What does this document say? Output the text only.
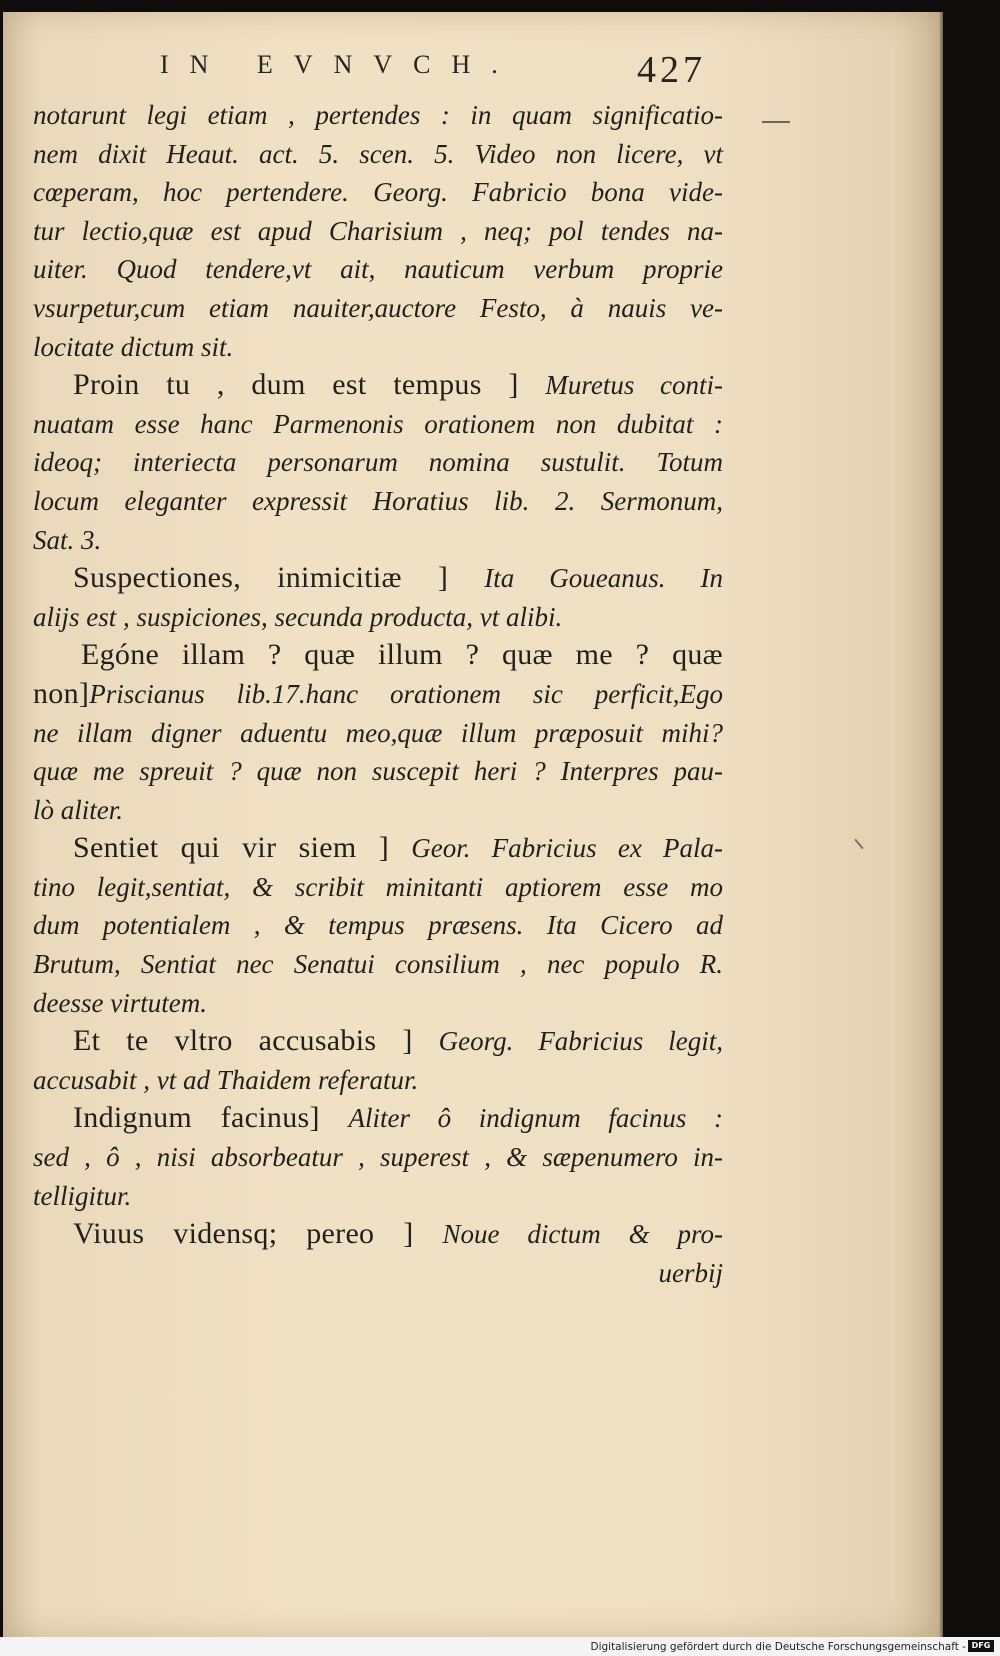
IN EVNVCH.	427
notarunt legi etiam , pertendes : in quam significatio-
nem dixit Heaut. act. 5. scen. 5. Video non licere, vt
cœperam, hoc pertendere. Georg. Fabricio bona vide-
tur lectio,quæ est apud Charisium , neq; pol tendes na-
uiter. Quod tendere,vt ait, nauticum verbum proprie
vsurpetur,cum etiam nauiter,auctore Festo, à nauis ve-
locitate dictum sit.
Proin tu , dum est tempus ] Muretus conti-
nuatam esse hanc Parmenonis orationem non dubitat :
ideoq; interiecta personarum nomina sustulit. Totum
locum eleganter expressit Horatius lib. 2. Sermonum,
Sat. 3.
Suspectiones, inimicitiæ ] Ita Goueanus. In
alijs est , suspiciones, secunda producta, vt alibi.
Egóne illam ? quæ illum ? quæ me ? quæ
non]Priscianus lib.17.hanc orationem sic perficit,Ego
ne illam digner aduentu meo,quæ illum præposuit mihi?
quæ me spreuit ? quæ non suscepit heri ? Interpres pau-
lò aliter.
Sentiet qui vir siem ] Geor. Fabricius ex Pala-
tino legit,sentiat, & scribit minitanti aptiorem esse mo
dum potentialem , & tempus præsens. Ita Cicero ad
Brutum, Sentiat nec Senatui consilium , nec populo R.
deesse virtutem.
Et te vltro accusabis ] Georg. Fabricius legit,
accusabit , vt ad Thaidem referatur.
Indignum facinus] Aliter ô indignum facinus :
sed , ô , nisi absorbeatur , superest , & sæpenumero in-
telligitur.
Viuus vidensq; pereo ] Noue dictum & pro-
uerbij
Digitalisierung gefördert durch die Deutsche Forschungsgemeinschaft - DFG
